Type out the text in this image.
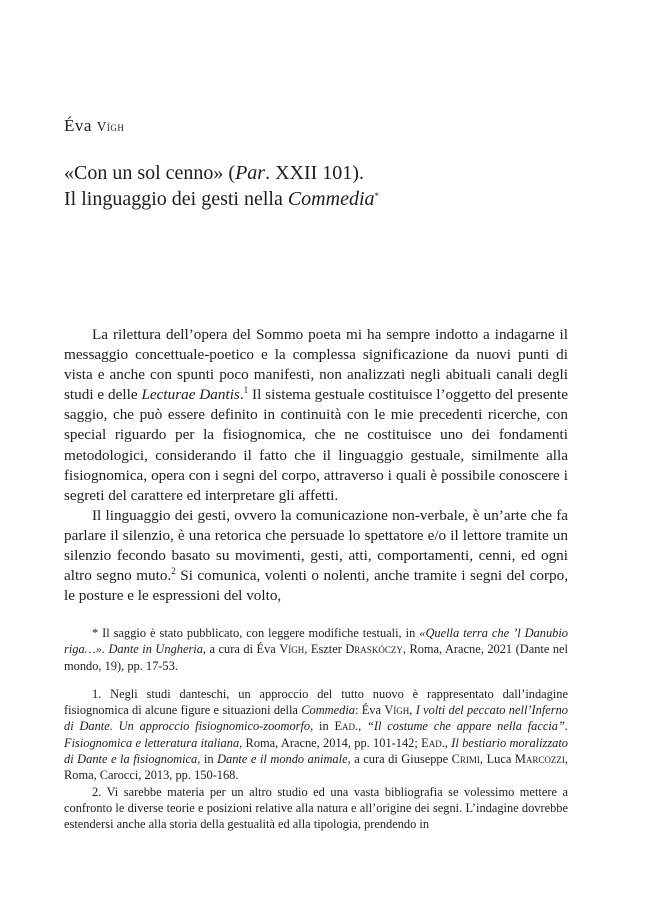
Éva Vígh
«Con un sol cenno» (Par. XXII 101).
Il linguaggio dei gesti nella Commedia*

La rilettura dell’opera del Sommo poeta mi ha sempre indotto a indagarne il messaggio concettuale-poetico e la complessa significazione da nuovi punti di vista e anche con spunti poco manifesti, non analizzati negli abituali canali degli studi e delle Lecturae Dantis.$^1$ Il sistema gestuale costituisce l’oggetto del presente saggio, che può essere definito in continuità con le mie precedenti ricerche, con special riguardo per la fisiognomica, che ne costituisce uno dei fondamenti metodologici, considerando il fatto che il linguaggio gestuale, similmente alla fisiognomica, opera con i segni del corpo, attraverso i quali è possibile conoscere i segreti del carattere ed interpretare gli affetti.

Il linguaggio dei gesti, ovvero la comunicazione non-verbale, è un’arte che fa parlare il silenzio, è una retorica che persuade lo spettatore e/o il lettore tramite un silenzio fecondo basato su movimenti, gesti, atti, comportamenti, cenni, ed ogni altro segno muto.$^2$ Si comunica, volenti o nolenti, anche tramite i segni del corpo, le posture e le espressioni del volto,

* Il saggio è stato pubblicato, con leggere modifiche testuali, in «Quella terra che ’l Danubio riga…». Dante in Ungheria, a cura di Éva Vígh, Eszter Draskóczy, Roma, Aracne, 2021 (Dante nel mondo, 19), pp. 17-53.

1. Negli studi danteschi, un approccio del tutto nuovo è rappresentato dall’indagine fisiognomica di alcune figure e situazioni della Commedia: Éva Vígh, I volti del peccato nell’Inferno di Dante. Un approccio fisiognomico-zoomorfo, in Ead., “Il costume che appare nella faccia”. Fisiognomica e letteratura italiana, Roma, Aracne, 2014, pp. 101-142; Ead., Il bestiario moralizzato di Dante e la fisiognomica, in Dante e il mondo animale, a cura di Giuseppe Crimi, Luca Marcozzi, Roma, Carocci, 2013, pp. 150-168.

2. Vi sarebbe materia per un altro studio ed una vasta bibliografia se volessimo mettere a confronto le diverse teorie e posizioni relative alla natura e all’origine dei segni. L’indagine dovrebbe estendersi anche alla storia della gestualità ed alla tipologia, prendendo in
